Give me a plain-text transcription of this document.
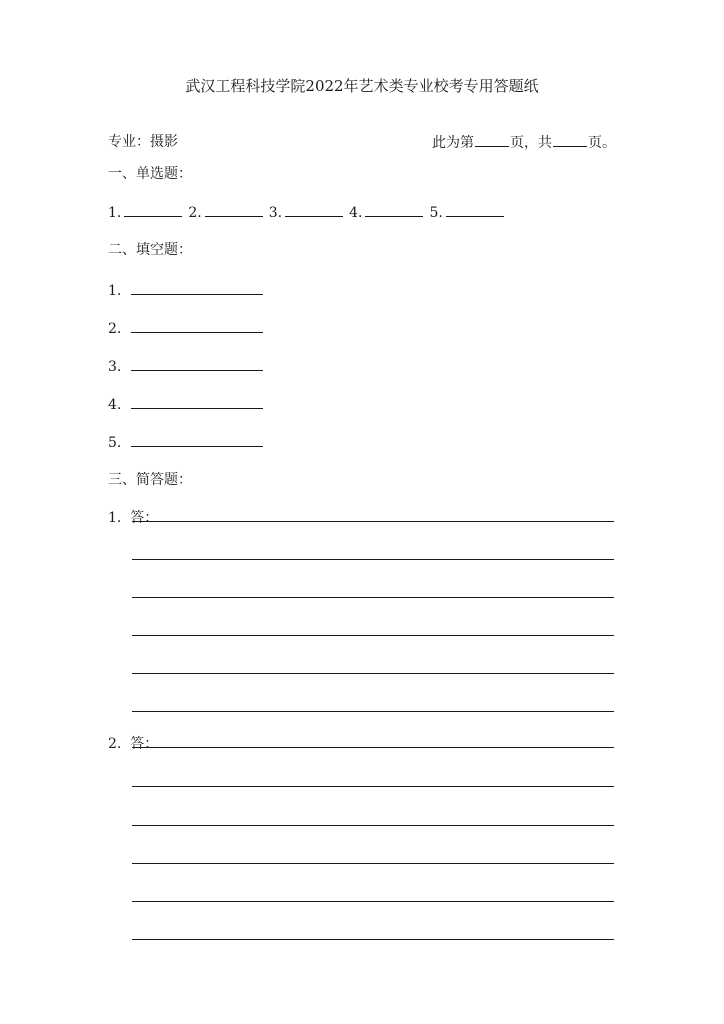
武汉工程科技学院2022年艺术类专业校考专用答题纸
专业：摄影	此为第	页，共	页。
一、单选题：
1.	2.	3.	4.	5.
二、填空题：
1.
2.
3.
4.
5.
三、简答题：
1. 答：
2. 答：
